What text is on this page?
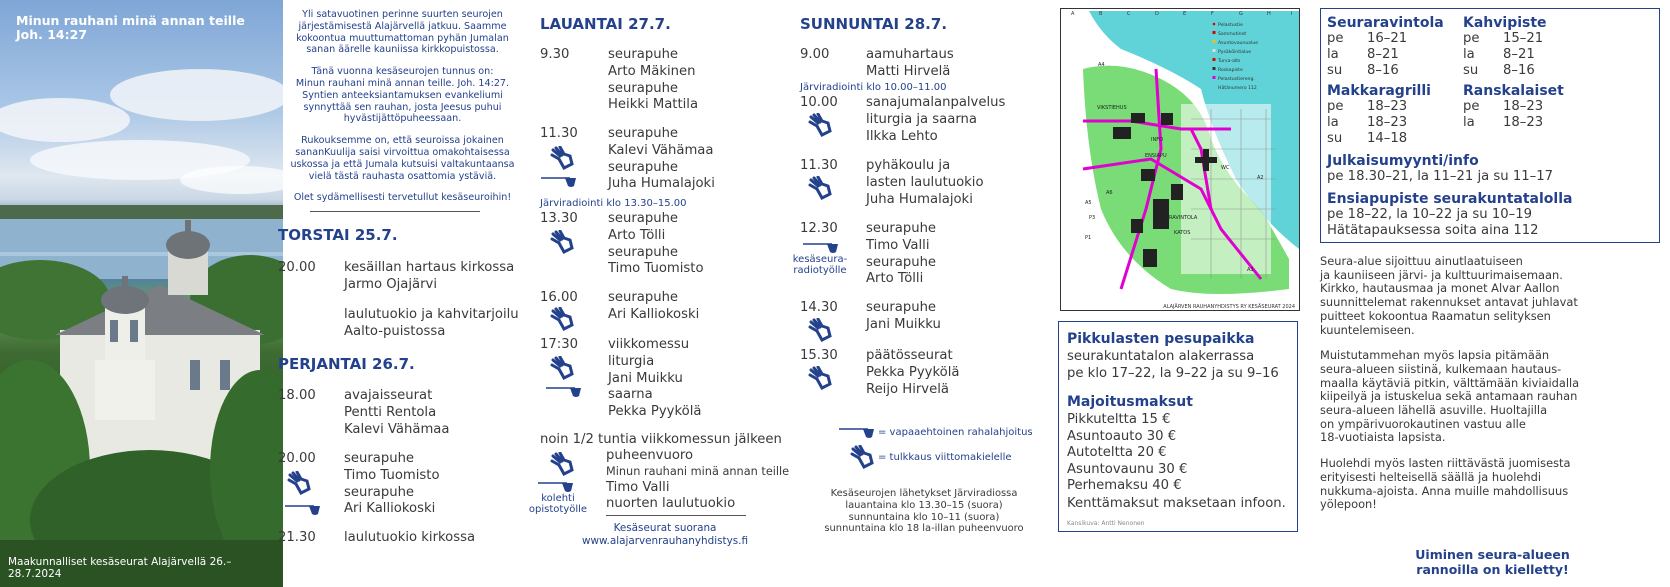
Minun rauhani minä annan teille
Joh. 14:27
Maakunnalliset kesäseurat Alajärvellä 26.–28.7.2024

Yli satavuotinen perinne suurten seurojen
järjestämisestä Alajärvellä jatkuu. Saamme
kokoontua muuttumattoman pyhän Jumalan
sanan äärelle kauniissa kirkkopuistossa.

Tänä vuonna kesäseurojen tunnus on:
Minun rauhani minä annan teille. Joh. 14:27.
Syntien anteeksiantamuksen evankeliumi
synnyttää sen rauhan, josta Jeesus puhui
hyvästijättöpuheessaan.

Rukouksemme on, että seuroissa jokainen
sananKuulija saisi virvoittua omakohtaisessa
uskossa ja että Jumala kutsuisi valtakuntaansa
vielä tästä rauhasta osattomia ystäviä.

Olet sydämellisesti tervetullut kesäseuroihin!

TORSTAI 25.7.
20.00	kesäillan hartaus kirkossa
Jarmo Ojajärvi
laulutuokio ja kahvitarjoilu
Aalto-puistossa
PERJANTAI 26.7.
18.00	avajaisseurat
Pentti Rentola
Kalevi Vähämaa
20.00	seurapuhe
Timo Tuomisto
seurapuhe
Ari Kalliokoski
21.30	laulutuokio kirkossa
LAUANTAI 27.7.
9.30	seurapuhe
Arto Mäkinen
seurapuhe
Heikki Mattila
11.30	seurapuhe
Kalevi Vähämaa
seurapuhe
Juha Humalajoki
Järviradiointi klo 13.30–15.00
13.30	seurapuhe
Arto Tölli
seurapuhe
Timo Tuomisto
16.00	seurapuhe
Ari Kalliokoski
17:30	viikkomessu
liturgia
Jani Muikku
saarna
Pekka Pyykölä
noin 1/2 tuntia viikkomessun jälkeen
puheenvuoro
Minun rauhani minä annan teille
Timo Valli
nuorten laulutuokio
kolehti
opistotyölle
Kesäseurat suorana
www.alajarvenrauhanyhdistys.fi
SUNNUNTAI 28.7.
9.00	aamuhartaus
Matti Hirvelä
Järviradiointi klo 10.00–11.00
10.00	sanajumalanpalvelus
liturgia ja saarna
Ilkka Lehto
11.30	pyhäkoulu ja
lasten laulutuokio
Juha Humalajoki
12.30	seurapuhe
Timo Valli
seurapuhe
Arto Tölli
kesäseura-
radiotyölle
14.30	seurapuhe
Jani Muikku
15.30	päätösseurat
Pekka Pyykölä
Reijo Hirvelä
= vapaaehtoinen rahalahjoitus
= tulkkaus viittomakielelle
Kesäseurojen lähetykset Järviradiossa
lauantaina klo 13.30–15 (suora)
sunnuntaina klo 10–11 (suora)
sunnuntaina klo 18 la-illan puheenvuoro
A	B	C	D	E	F	G	H	I
ALAJÄRVEN RAUHANYHDISTYS RY KESÄSEURAT 2024
Pelastustie
Sammutinet
Asuntovaunualue
Pysäköintialue
Turva-alts
Roskapiste
Pelastustiereng.
Hätänumero 112
A4
A5
A6
A2
A3
P1
P3
VIKSTIEHUS
INFO
ENSIAPU
RAVINTOLA
KATOS
WC
Pikkulasten pesupaikka
seurakuntatalon alakerrassa
pe klo 17–22, la 9–22 ja su 9–16
Majoitusmaksut
Pikkuteltta 15 €
Asuntoauto 30 €
Autoteltta 20 €
Asuntovaunu 30 €
Perhemaksu 40 €
Kenttämaksut maksetaan infoon.
Kansikuva: Antti Nenonen
Seuraravintola
pe 16–21
la 8–21
su 8–16
Kahvipiste
pe 15–21
la 8–21
su 8–16
Makkaragrilli
pe 18–23
la 18–23
su 14–18
Ranskalaiset
pe 18–23
la 18–23
Julkaisumyynti/info
pe 18.30–21, la 11–21 ja su 11–17
Ensiapupiste seurakuntatalolla
pe 18–22, la 10–22 ja su 10–19
Hätätapauksessa soita aina 112
Seura-alue sijoittuu ainutlaatuiseen
ja kauniiseen järvi- ja kulttuurimaisemaan.
Kirkko, hautausmaa ja monet Alvar Aallon
suunnittelemat rakennukset antavat juhlavat
puitteet kokoontua Raamatun selityksen
kuuntelemiseen.
Muistutammehan myös lapsia pitämään
seura-alueen siistinä, kulkemaan hautaus-
maalla käytäviä pitkin, välttämään kiviaidalla
kiipeilyä ja istuskelua sekä antamaan rauhan
seura-alueen lähellä asuville. Huoltajilla
on ympärivuorokautinen vastuu alle
18-vuotiaista lapsista.
Huolehdi myös lasten riittävästä juomisesta
erityisesti helteisellä säällä ja huolehdi
nukkuma-ajoista. Anna muille mahdollisuus
yölepoon!
Uiminen seura-alueen
rannoilla on kielletty!
